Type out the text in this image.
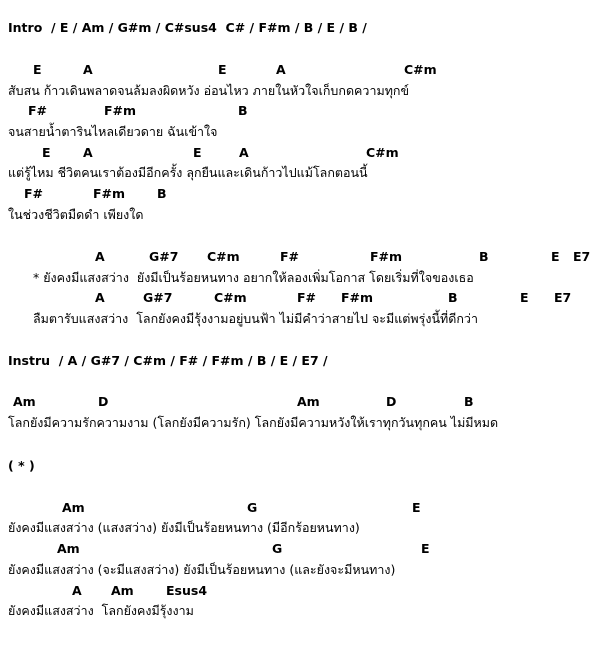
Intro  / E / Am / G#m / C#sus4  C# / F#m / B / E / B /
E	A	E	A	C#m
สับสน ก้าวเดินพลาดจนล้มลงผิดหวัง อ่อนไหว ภายในหัวใจเก็บกดความทุกข์
F#	F#m	B
จนสายน้ำตารินไหลเดียวดาย ฉันเข้าใจ
E	A	E	A	C#m
แต่รู้ไหม ชีวิตคนเราต้องมีอีกครั้ง ลุกยืนและเดินก้าวไปแม้โลกตอนนี้
F#	F#m	B
ในช่วงชีวิตมืดดำ เพียงใด
A	G#7 C#m	F#	F#m	B	E E7
* ยังคงมีแสงสว่าง  ยังมีเป็นร้อยหนทาง อยากให้ลองเพิ่มโอกาส โดยเริ่มที่ใจของเธอ
A	G#7	C#m	F# F#m	B	E E7
ลืมตารับแสงสว่าง  โลกยังคงมีรุ้งงามอยู่บนฟ้า ไม่มีคำว่าสายไป จะมีแต่พรุ่งนี้ที่ดีกว่า
Instru  / A / G#7 / C#m / F# / F#m / B / E / E7 /
Am	D	Am	D	B
โลกยังมีความรักความงาม (โลกยังมีความรัก) โลกยังมีความหวังให้เราทุกวันทุกคน ไม่มีหมด
( * )
Am	G	E
ยังคงมีแสงสว่าง (แสงสว่าง) ยังมีเป็นร้อยหนทาง (มีอีกร้อยหนทาง)
Am	G	E
ยังคงมีแสงสว่าง (จะมีแสงสว่าง) ยังมีเป็นร้อยหนทาง (และยังจะมีหนทาง)
A Am	Esus4
ยังคงมีแสงสว่าง  โลกยังคงมีรุ้งงาม
